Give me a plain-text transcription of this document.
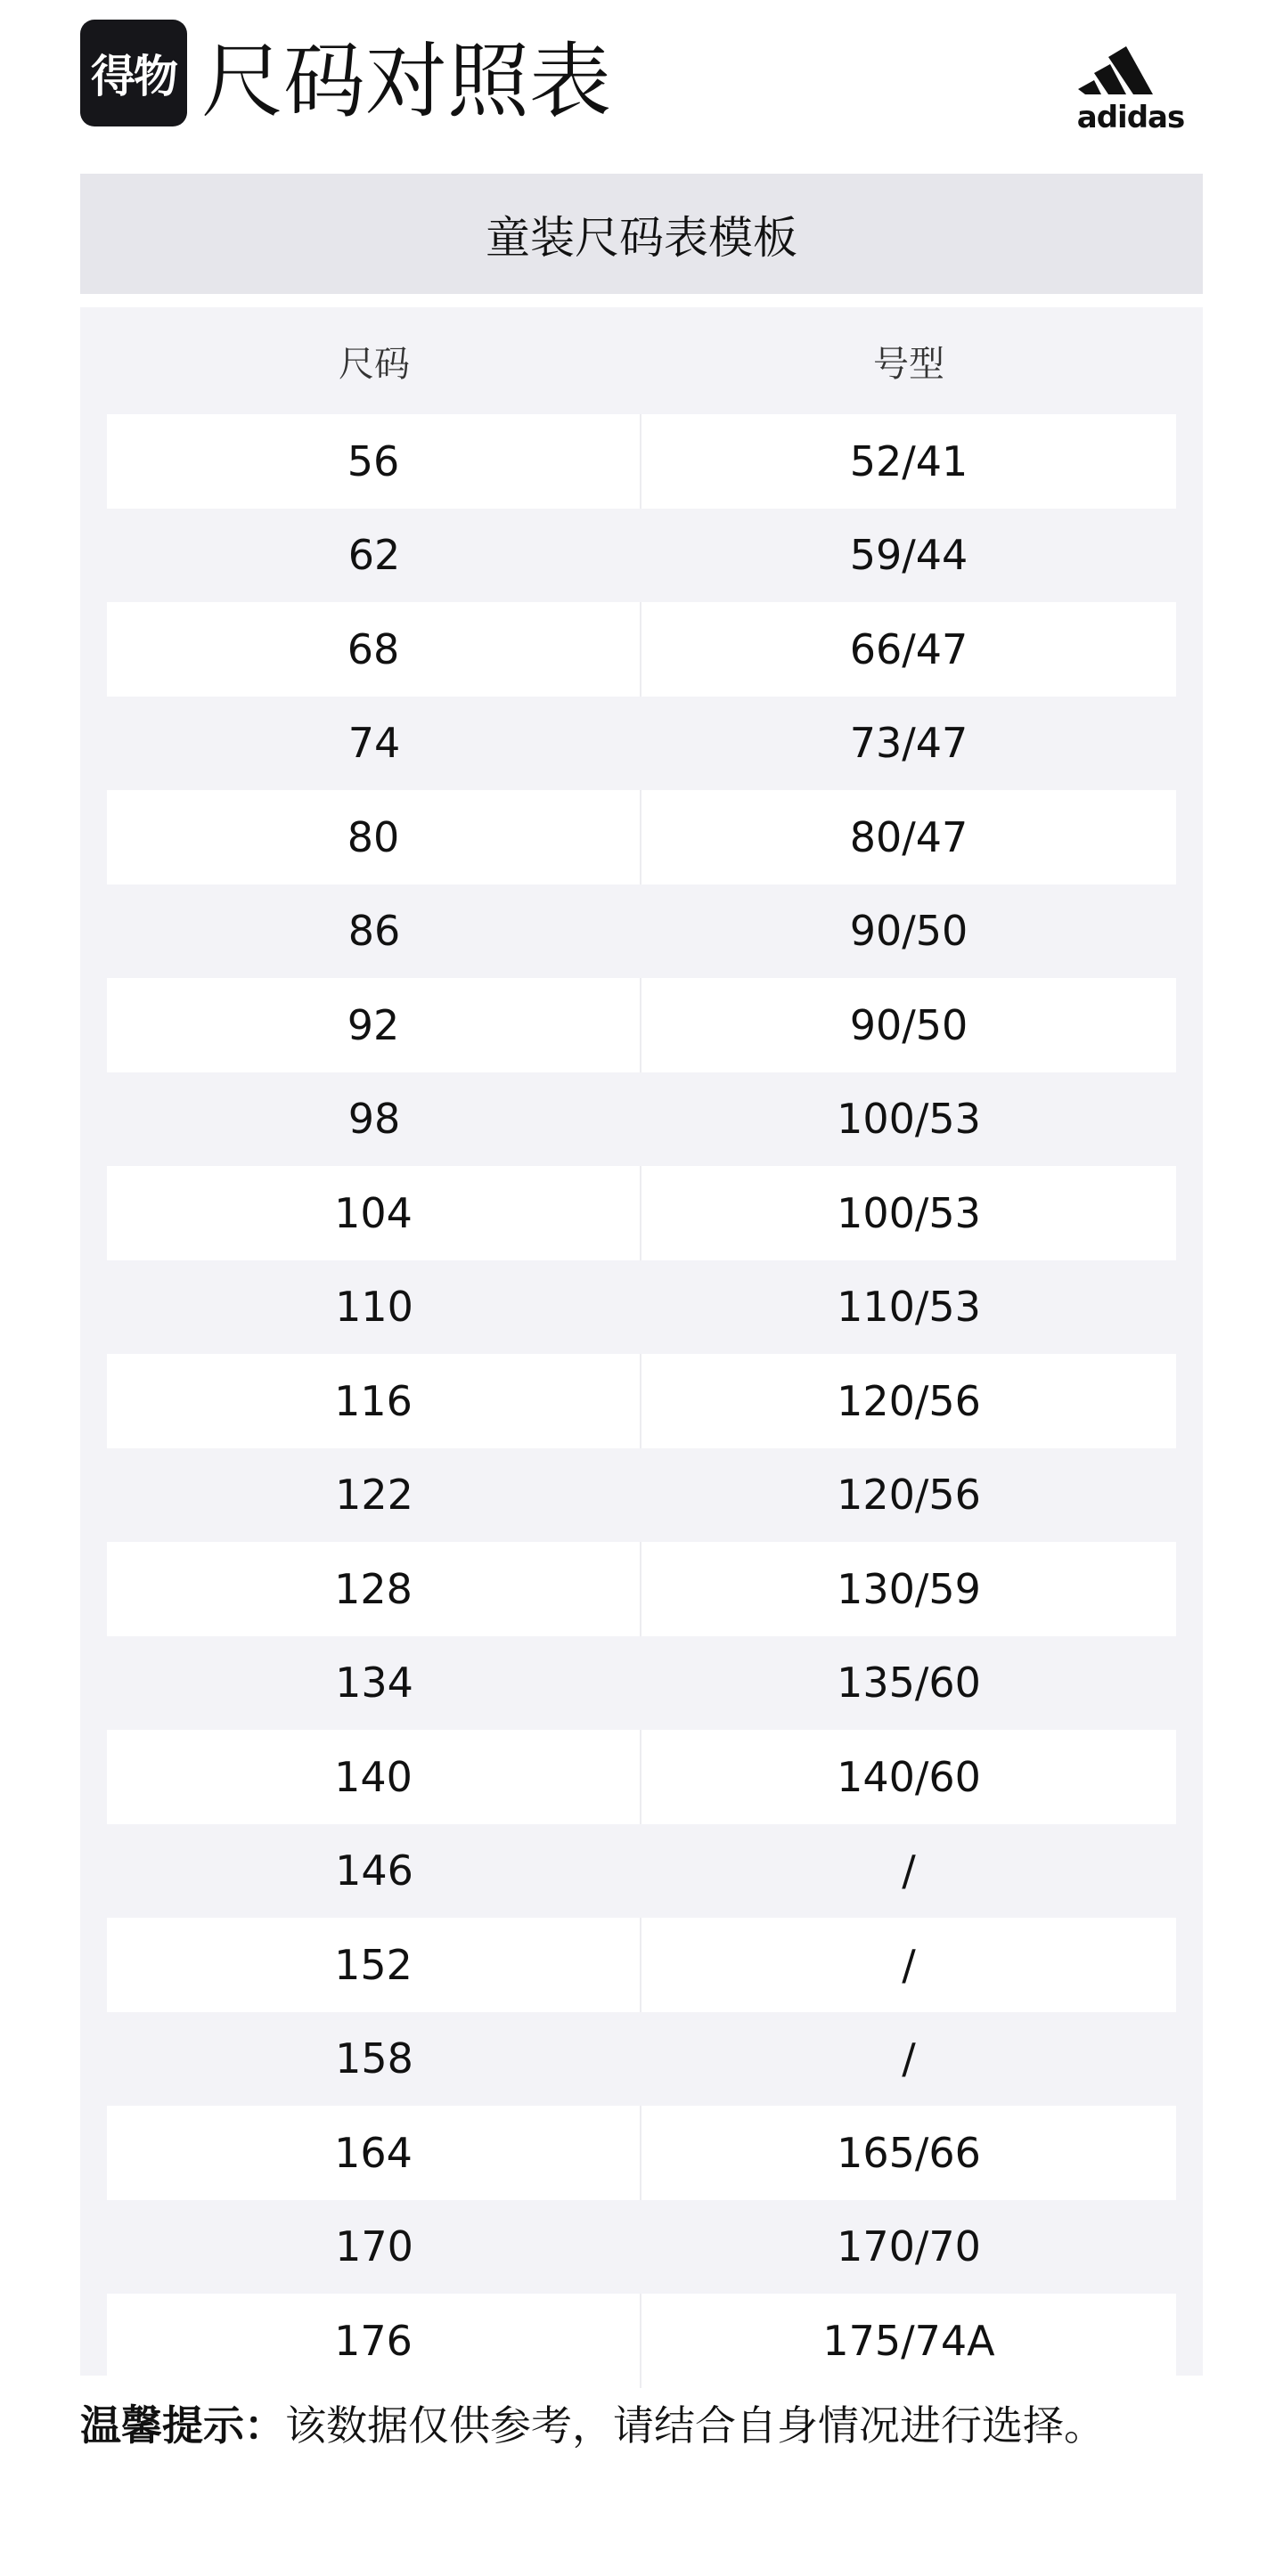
得物 尺码对照表	adidas
童装尺码表模板
尺码	号型
56	52/41
62	59/44
68	66/47
74	73/47
80	80/47
86	90/50
92	90/50
98	100/53
104	100/53
110	110/53
116	120/56
122	120/56
128	130/59
134	135/60
140	140/60
146	/
152	/
158	/
164	165/66
170	170/70
176	175/74A
温馨提示：该数据仅供参考，请结合自身情况进行选择。
